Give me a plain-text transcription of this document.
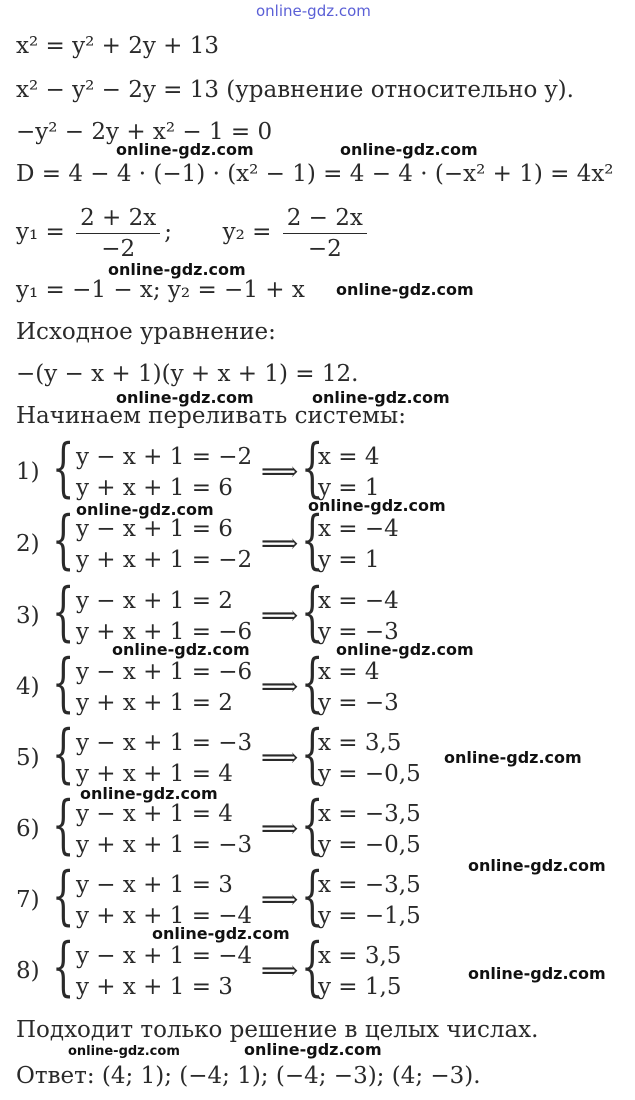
online-gdz.com
x² = y² + 2y + 13
x² − y² − 2y = 13 (уравнение относительно y).
−y² − 2y + x² − 1 = 0
D = 4 − 4 · (−1) · (x² − 1) = 4 − 4 · (−x² + 1) = 4x²
$y_1 = \frac{2 + 2x}{-2}$ ; $y_2 = \frac{2 - 2x}{-2}$
y₁ = −1 − x; y₂ = −1 + x
Исходное уравнение:
−(y − x + 1)(y + x + 1) = 12.
Начинаем переливать системы:
1) { y − x + 1 = −2
y + x + 1 = 6
⟹ {
x = 4
y = 1
2) { y − x + 1 = 6
y + x + 1 = −2
⟹ {
x = −4
y = 1
3) { y − x + 1 = 2
y + x + 1 = −6
⟹ {
x = −4
y = −3
4) { y − x + 1 = −6
y + x + 1 = 2
⟹ {
x = 4
y = −3
5) { y − x + 1 = −3
y + x + 1 = 4
⟹ {
x = 3,5
y = −0,5
6) { y − x + 1 = 4
y + x + 1 = −3
⟹ {
x = −3,5
y = −0,5
7) { y − x + 1 = 3
y + x + 1 = −4
⟹ {
x = −3,5
y = −1,5
8) { y − x + 1 = −4
y + x + 1 = 3
⟹ {
x = 3,5
y = 1,5
Подходит только решение в целых числах.
Ответ: (4; 1); (−4; 1); (−4; −3); (4; −3).
online-gdz.com	online-gdz.com
online-gdz.com
online-gdz.com
online-gdz.com	online-gdz.com
online-gdz.com
online-gdz.com
online-gdz.com	online-gdz.com
online-gdz.com
online-gdz.com
online-gdz.com
online-gdz.com
online-gdz.com
online-gdz.com	online-gdz.com
